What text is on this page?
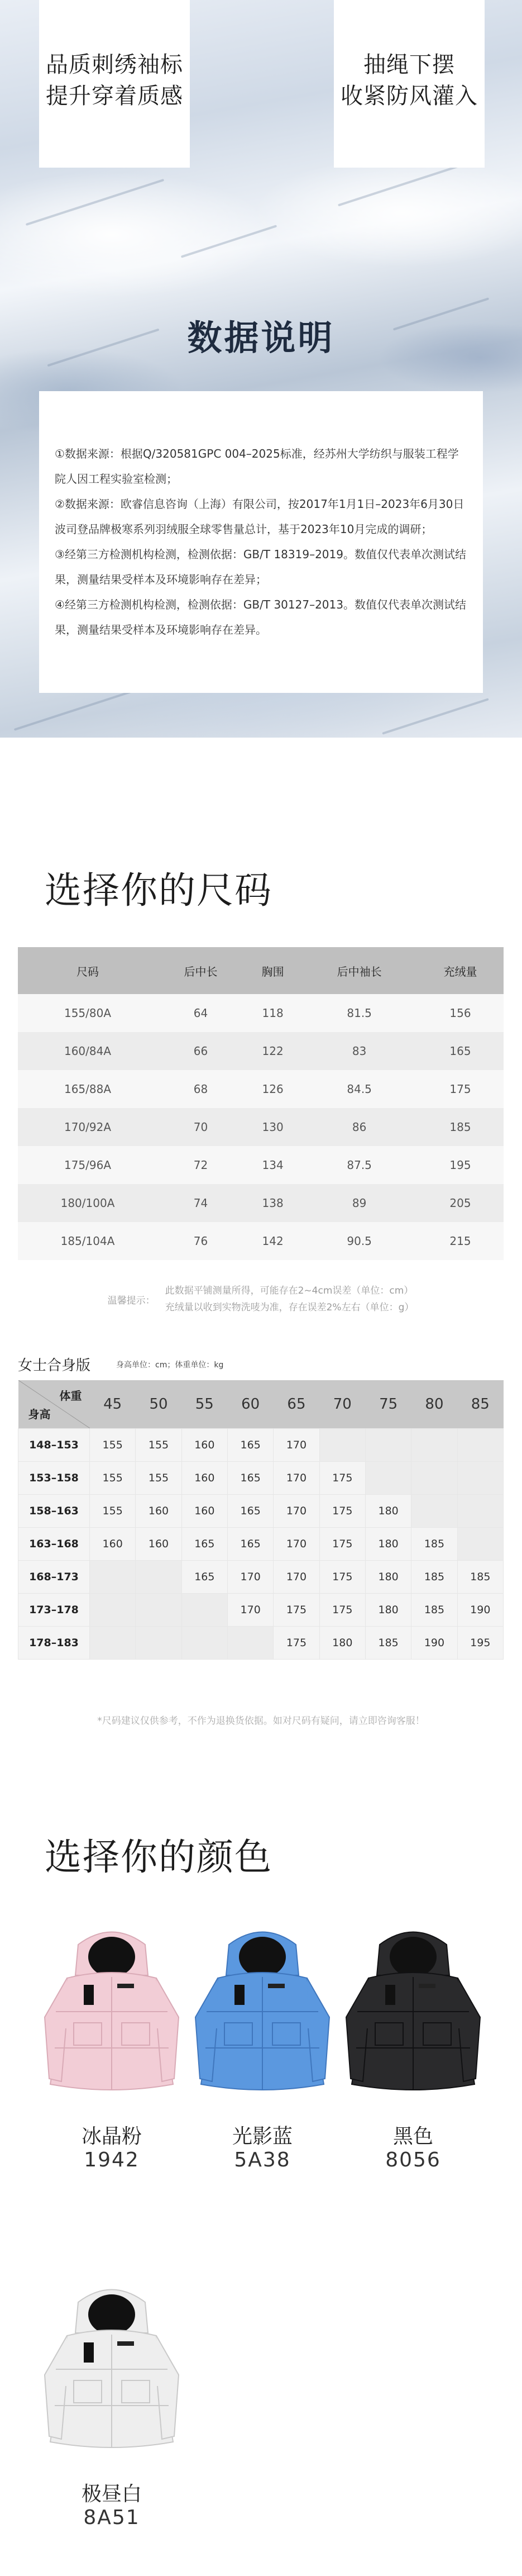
品质刺绣袖标
提升穿着质感
抽绳下摆
收紧防风灌入
数据说明

①数据来源：根据Q/320581GPC 004–2025标准，经苏州大学纺织与服装工程学院人因工程实验室检测；

②数据来源：欧睿信息咨询（上海）有限公司，按2017年1月1日–2023年6月30日波司登品牌极寒系列羽绒服全球零售量总计，基于2023年10月完成的调研；

③经第三方检测机构检测，检测依据：GB/T 18319–2019。数值仅代表单次测试结果，测量结果受样本及环境影响存在差异；

④经第三方检测机构检测，检测依据：GB/T 30127–2013。数值仅代表单次测试结果，测量结果受样本及环境影响存在差异。

选择你的尺码
尺码	后中长	胸围	后中袖长	充绒量
155/80A	64	118	81.5	156
160/84A	66	122	83	165
165/88A	68	126	84.5	175
170/92A	70	130	86	185
175/96A	72	134	87.5	195
180/100A	74	138	89	205
185/104A	76	142	90.5	215
温馨提示：
此数据平铺测量所得，可能存在2~4cm误差（单位：cm）
充绒量以收到实物洗唛为准，存在误差2%左右（单位：g）
女士合身版	身高单位：cm；体重单位：kg
体重
身高	45	50	55	60	65	70	75	80	85
148–153	155	155	160	165	170				
153–158	155	155	160	165	170	175			
158–163	155	160	160	165	170	175	180		
163–168	160	160	165	165	170	175	180	185	
168–173			165	170	170	175	180	185	185
173–178				170	175	175	180	185	190
178–183					175	180	185	190	195
*尺码建议仅供参考，不作为退换货依据。如对尺码有疑问，请立即咨询客服！
选择你的颜色
冰晶粉
1942
光影蓝
5A38
黑色
8056
极昼白
8A51
